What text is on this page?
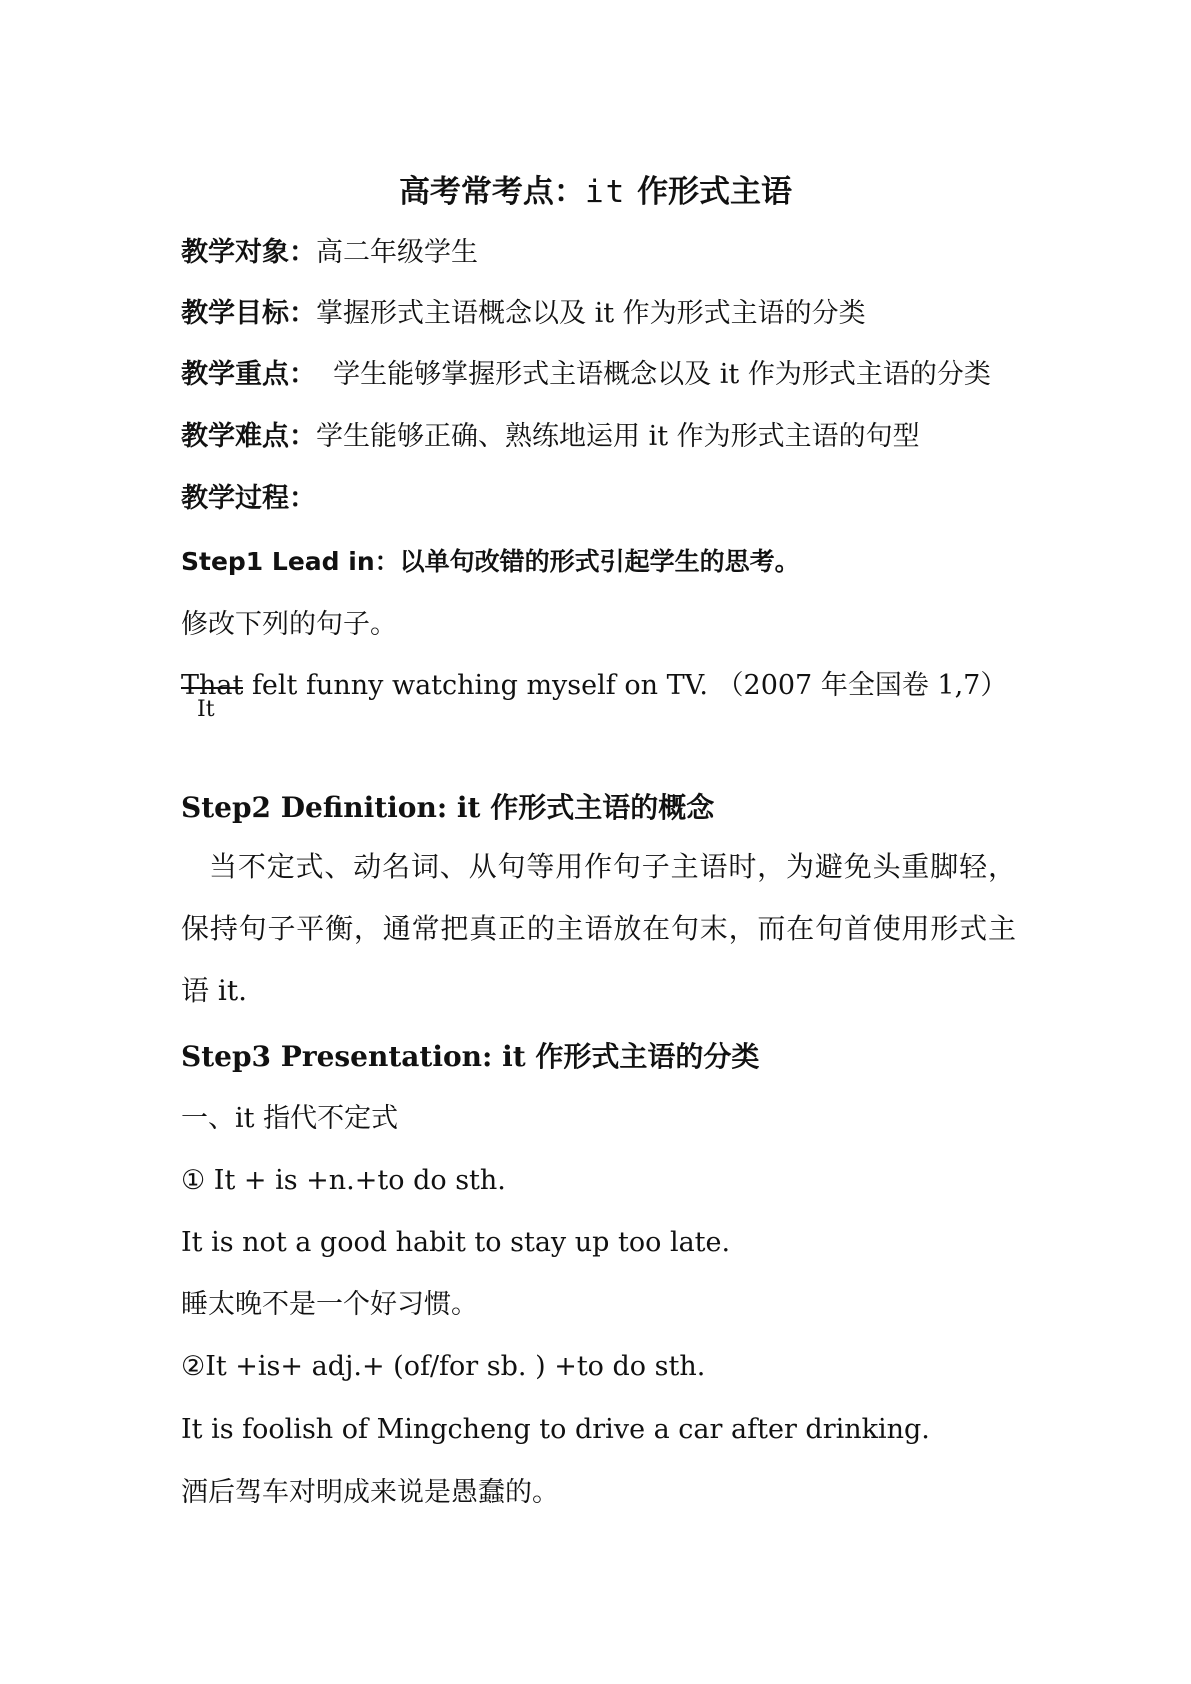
高考常考点：it 作形式主语
教学对象：高二年级学生
教学目标：掌握形式主语概念以及 it 作为形式主语的分类
教学重点：  学生能够掌握形式主语概念以及 it 作为形式主语的分类
教学难点：学生能够正确、熟练地运用 it 作为形式主语的句型
教学过程：
Step1 Lead in：以单句改错的形式引起学生的思考。
修改下列的句子。
That felt funny watching myself on TV. （2007 年全国卷 1,7）
It
Step2 Definition: it 作形式主语的概念
当不定式、动名词、从句等用作句子主语时，为避免头重脚轻，保持句子平衡，通常把真正的主语放在句末，而在句首使用形式主语 it.
Step3 Presentation: it 作形式主语的分类
一、it 指代不定式
① It + is +n.+to do sth.
It is not a good habit to stay up too late.
睡太晚不是一个好习惯。
②It +is+ adj.+ (of/for sb. ) +to do sth.
It is foolish of Mingcheng to drive a car after drinking.
酒后驾车对明成来说是愚蠢的。
